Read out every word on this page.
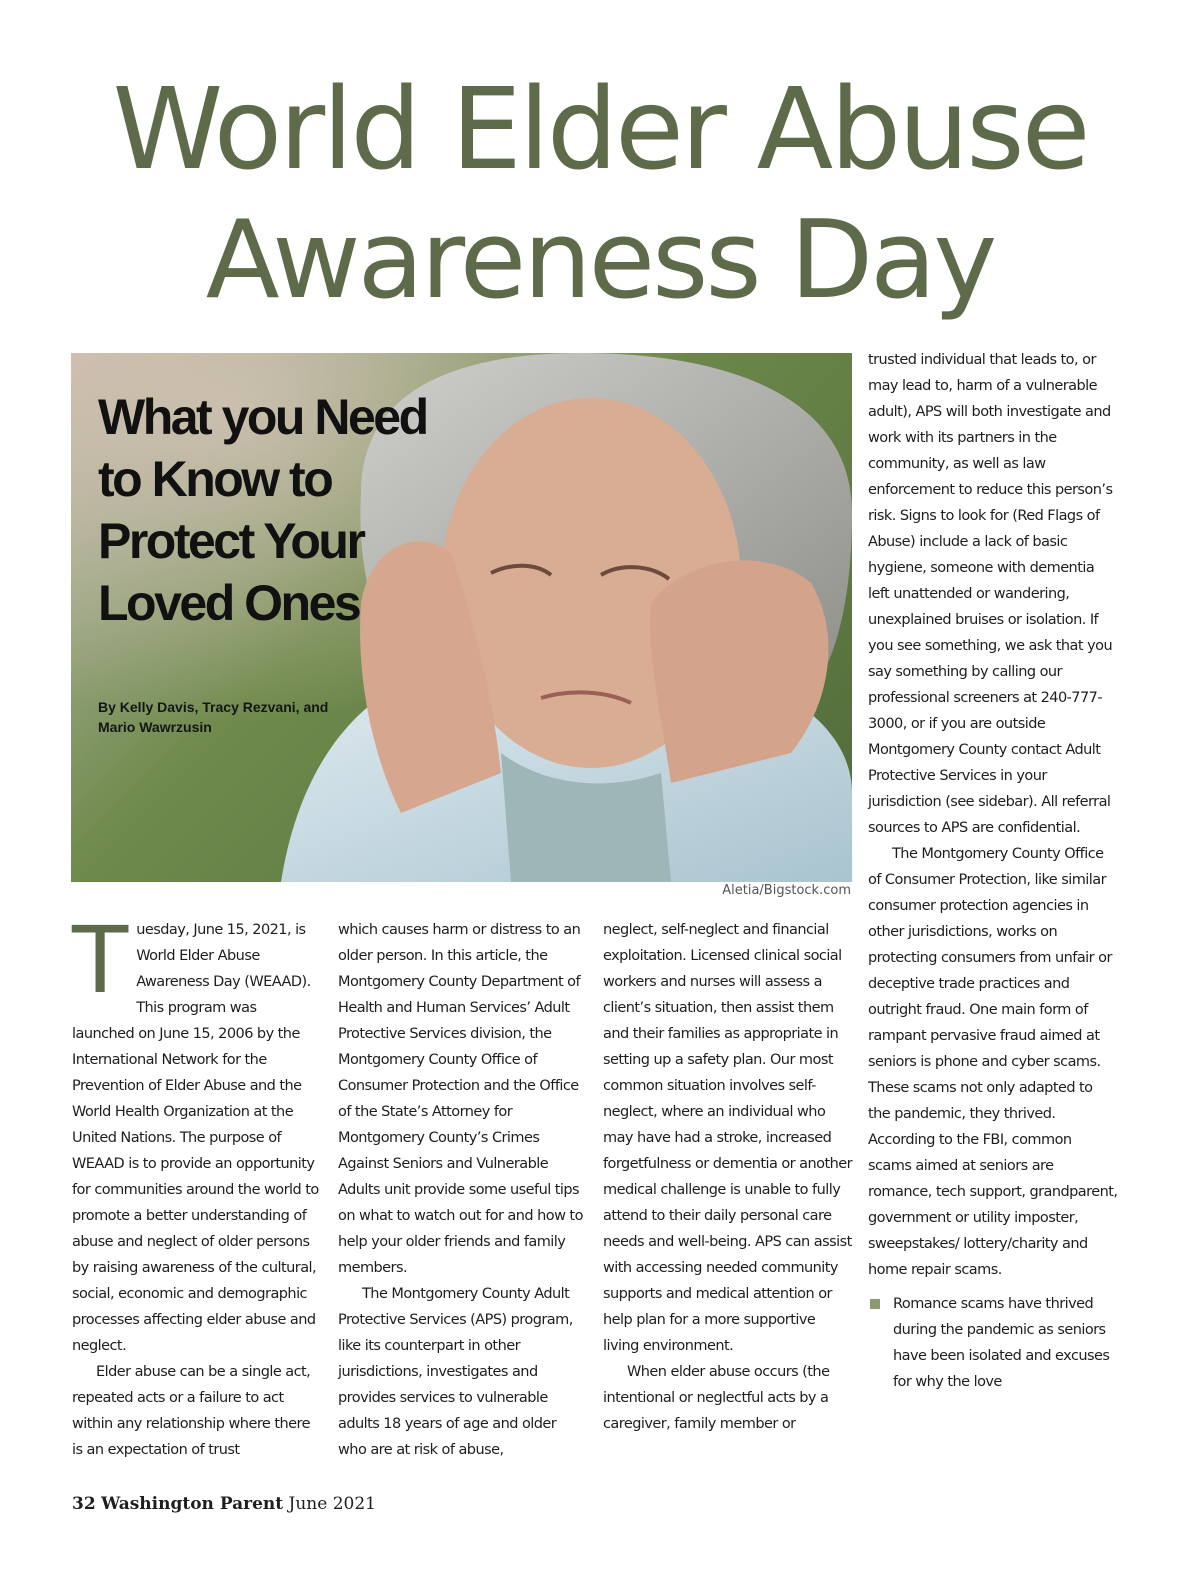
World Elder Abuse
Awareness Day
What you Need to Know to Protect Your Loved Ones
By Kelly Davis, Tracy Rezvani, and Mario Wawrzusin
Aletia/Bigstock.com

Tuesday, June 15, 2021, is World Elder Abuse Awareness Day (WEAAD). This program was launched on June 15, 2006 by the International Network for the Prevention of Elder Abuse and the World Health Organization at the United Nations. The purpose of WEAAD is to provide an opportunity for communities around the world to promote a better understanding of abuse and neglect of older persons by raising awareness of the cultural, social, economic and demographic processes affecting elder abuse and neglect.

Elder abuse can be a single act, repeated acts or a failure to act within any relationship where there is an expectation of trust

which causes harm or distress to an older person. In this article, the Montgomery County Department of Health and Human Services’ Adult Protective Services division, the Montgomery County Office of Consumer Protection and the Office of the State’s Attorney for Montgomery County’s Crimes Against Seniors and Vulnerable Adults unit provide some useful tips on what to watch out for and how to help your older friends and family members.

The Montgomery County Adult Protective Services (APS) program, like its counterpart in other jurisdictions, investigates and provides services to vulnerable adults 18 years of age and older who are at risk of abuse,

neglect, self-neglect and financial exploitation. Licensed clinical social workers and nurses will assess a client’s situation, then assist them and their families as appropriate in setting up a safety plan. Our most common situation involves self-neglect, where an individual who may have had a stroke, increased forgetfulness or dementia or another medical challenge is unable to fully attend to their daily personal care needs and well-being. APS can assist with accessing needed community supports and medical attention or help plan for a more supportive living environment.

When elder abuse occurs (the intentional or neglectful acts by a caregiver, family member or

trusted individual that leads to, or may lead to, harm of a vulnerable adult), APS will both investigate and work with its partners in the community, as well as law enforcement to reduce this person’s risk. Signs to look for (Red Flags of Abuse) include a lack of basic hygiene, someone with dementia left unattended or wandering, unexplained bruises or isolation. If you see something, we ask that you say something by calling our professional screeners at 240-777-3000, or if you are outside Montgomery County contact Adult Protective Services in your jurisdiction (see sidebar). All referral sources to APS are confidential.

The Montgomery County Office of Consumer Protection, like similar consumer protection agencies in other jurisdictions, works on protecting consumers from unfair or deceptive trade practices and outright fraud. One main form of rampant pervasive fraud aimed at seniors is phone and cyber scams. These scams not only adapted to the pandemic, they thrived. According to the FBI, common scams aimed at seniors are romance, tech support, grandparent, government or utility imposter, sweepstakes/ lottery/charity and home repair scams.

Romance scams have thrived during the pandemic as seniors have been isolated and excuses for why the love
32 Washington Parent June 2021
